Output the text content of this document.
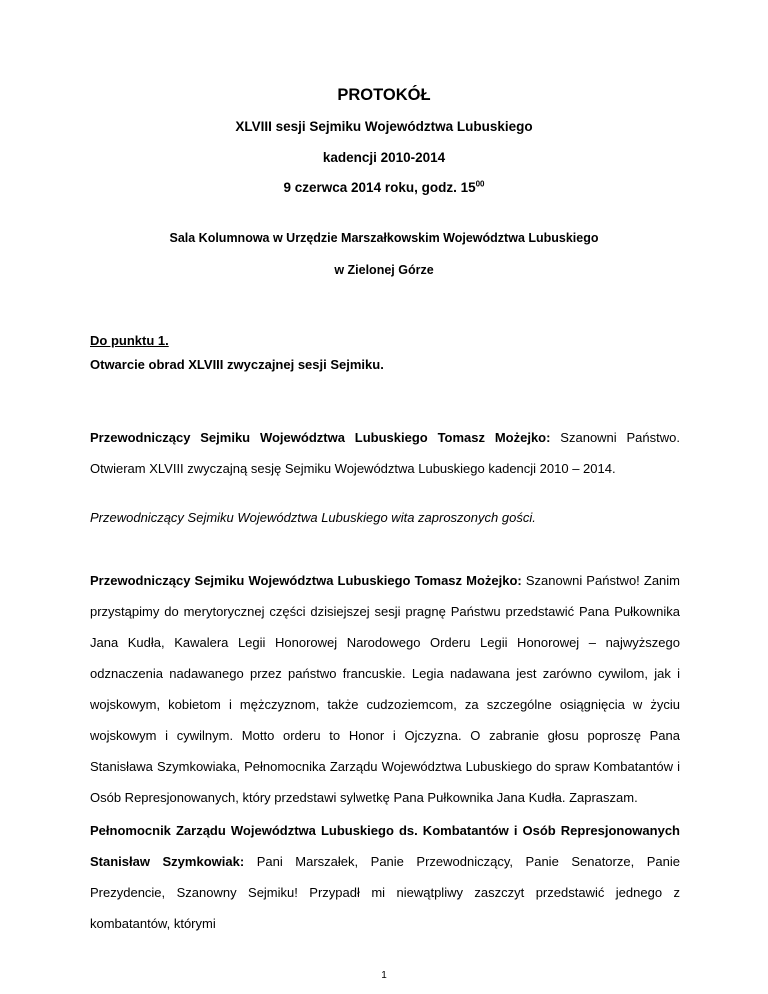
PROTOKÓŁ
XLVIII sesji Sejmiku Województwa Lubuskiego
kadencji 2010-2014
9 czerwca 2014 roku, godz. $15^{00}$
Sala Kolumnowa w Urzędzie Marszałkowskim Województwa Lubuskiego
w Zielonej Górze
Do punktu 1.
Otwarcie obrad XLVIII zwyczajnej sesji Sejmiku.
Przewodniczący Sejmiku Województwa Lubuskiego Tomasz Możejko: Szanowni Państwo. Otwieram XLVIII zwyczajną sesję Sejmiku Województwa Lubuskiego kadencji 2010 – 2014.
Przewodniczący Sejmiku Województwa Lubuskiego wita zaproszonych gości.
Przewodniczący Sejmiku Województwa Lubuskiego Tomasz Możejko: Szanowni Państwo! Zanim przystąpimy do merytorycznej części dzisiejszej sesji pragnę Państwu przedstawić Pana Pułkownika Jana Kudła, Kawalera Legii Honorowej Narodowego Orderu Legii Honorowej – najwyższego odznaczenia nadawanego przez państwo francuskie. Legia nadawana jest zarówno cywilom, jak i wojskowym, kobietom i mężczyznom, także cudzoziemcom, za szczególne osiągnięcia w życiu wojskowym i cywilnym. Motto orderu to Honor i Ojczyzna. O zabranie głosu poproszę Pana Stanisława Szymkowiaka, Pełnomocnika Zarządu Województwa Lubuskiego do spraw Kombatantów i Osób Represjonowanych, który przedstawi sylwetkę Pana Pułkownika Jana Kudła. Zapraszam.
Pełnomocnik Zarządu Województwa Lubuskiego ds. Kombatantów i Osób Represjonowanych Stanisław Szymkowiak: Pani Marszałek, Panie Przewodniczący, Panie Senatorze, Panie Prezydencie, Szanowny Sejmiku! Przypadł mi niewątpliwy zaszczyt przedstawić jednego z kombatantów, którymi
1
